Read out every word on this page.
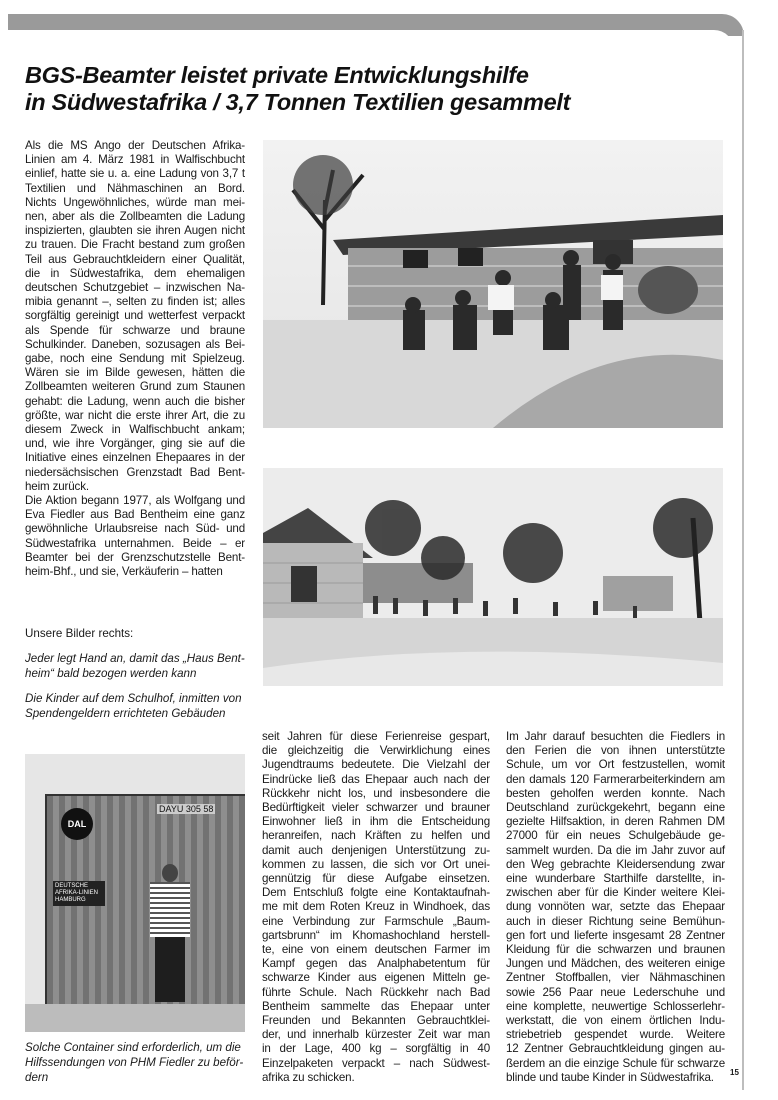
BGS-Beamter leistet private Entwicklungshilfe
in Südwestafrika / 3,7 Tonnen Textilien gesammelt
Als die MS Ango der Deutschen Afrika-
Linien am 4. März 1981 in Walfischbucht
einlief, hatte sie u. a. eine Ladung von 3,7 t
Textilien und Nähmaschinen an Bord.
Nichts Ungewöhnliches, würde man mei-
nen, aber als die Zollbeamten die Ladung
inspizierten, glaubten sie ihren Augen nicht
zu trauen. Die Fracht bestand zum großen
Teil aus Gebrauchtkleidern einer Qualität,
die in Südwestafrika, dem ehemaligen
deutschen Schutzgebiet – inzwischen Na-
mibia genannt –, selten zu finden ist; alles
sorgfältig gereinigt und wetterfest verpackt
als Spende für schwarze und braune
Schulkinder. Daneben, sozusagen als Bei-
gabe, noch eine Sendung mit Spielzeug.
Wären sie im Bilde gewesen, hätten die
Zollbeamten weiteren Grund zum Staunen
gehabt: die Ladung, wenn auch die bisher
größte, war nicht die erste ihrer Art, die zu
diesem Zweck in Walfischbucht ankam;
und, wie ihre Vorgänger, ging sie auf die
Initiative eines einzelnen Ehepaares in der
niedersächsischen Grenzstadt Bad Bent-
heim zurück.
Die Aktion begann 1977, als Wolfgang und
Eva Fiedler aus Bad Bentheim eine ganz
gewöhnliche Urlaubsreise nach Süd- und
Südwestafrika unternahmen. Beide – er
Beamter bei der Grenzschutzstelle Bent-
heim-Bhf., und sie, Verkäuferin – hatten
seit Jahren für diese Ferienreise gespart,
die gleichzeitig die Verwirklichung eines
Jugendtraums bedeutete. Die Vielzahl der
Eindrücke ließ das Ehepaar auch nach der
Rückkehr nicht los, und insbesondere die
Bedürftigkeit vieler schwarzer und brauner
Einwohner ließ in ihm die Entscheidung
heranreifen, nach Kräften zu helfen und
damit auch denjenigen Unterstützung zu-
kommen zu lassen, die sich vor Ort unei-
gennützig für diese Aufgabe einsetzen.
Dem Entschluß folgte eine Kontaktaufnah-
me mit dem Roten Kreuz in Windhoek, das
eine Verbindung zur Farmschule „Baum-
gartsbrunn“ im Khomashochland herstell-
te, eine von einem deutschen Farmer im
Kampf gegen das Analphabetentum für
schwarze Kinder aus eigenen Mitteln ge-
führte Schule. Nach Rückkehr nach Bad
Bentheim sammelte das Ehepaar unter
Freunden und Bekannten Gebrauchtklei-
der, und innerhalb kürzester Zeit war man
in der Lage, 400 kg – sorgfältig in 40
Einzelpaketen verpackt – nach Südwest-
afrika zu schicken.
Im Jahr darauf besuchten die Fiedlers in
den Ferien die von ihnen unterstützte
Schule, um vor Ort festzustellen, womit
den damals 120 Farmerarbeiterkindern am
besten geholfen werden konnte. Nach
Deutschland zurückgekehrt, begann eine
gezielte Hilfsaktion, in deren Rahmen DM
27000 für ein neues Schulgebäude ge-
sammelt wurden. Da die im Jahr zuvor auf
den Weg gebrachte Kleidersendung zwar
eine wunderbare Starthilfe darstellte, in-
zwischen aber für die Kinder weitere Klei-
dung vonnöten war, setzte das Ehepaar
auch in dieser Richtung seine Bemühun-
gen fort und lieferte insgesamt 28 Zentner
Kleidung für die schwarzen und braunen
Jungen und Mädchen, des weiteren einige
Zentner Stoffballen, vier Nähmaschinen
sowie 256 Paar neue Lederschuhe und
eine komplette, neuwertige Schlosserlehr-
werkstatt, die von einem örtlichen Indu-
striebetrieb gespendet wurde. Weitere
12 Zentner Gebrauchtkleidung gingen au-
ßerdem an die einzige Schule für schwarze
blinde und taube Kinder in Südwestafrika.
Unsere Bilder rechts:
Jeder legt Hand an, damit das „Haus Bent-
heim“ bald bezogen werden kann
Die Kinder auf dem Schulhof, inmitten von
Spendengeldern errichteten Gebäuden
Solche Container sind erforderlich, um die
Hilfssendungen von PHM Fiedler zu beför-
dern
DAL
DAYU 305 58
DEUTSCHE AFRIKA-LINIEN HAMBURG
15
